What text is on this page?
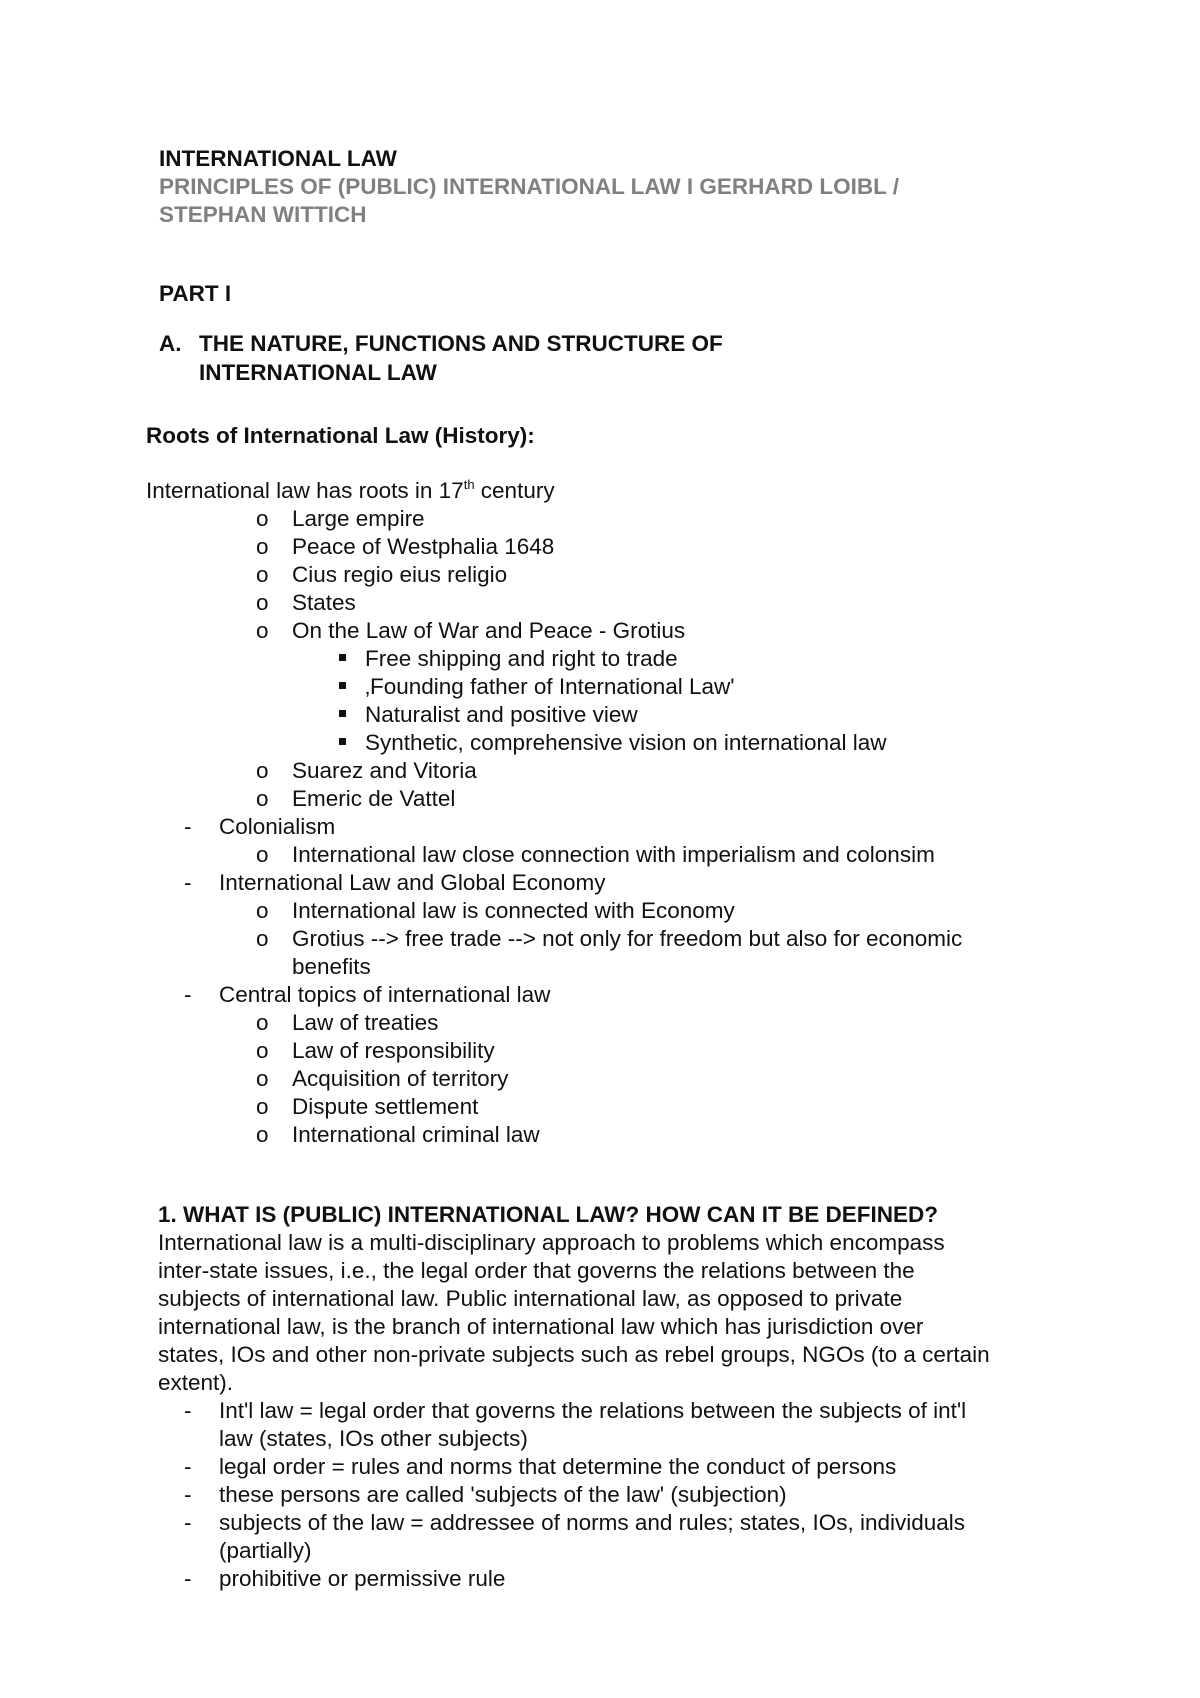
INTERNATIONAL LAW
PRINCIPLES OF (PUBLIC) INTERNATIONAL LAW I GERHARD LOIBL /
STEPHAN WITTICH
PART I
A. THE NATURE, FUNCTIONS AND STRUCTURE OF
INTERNATIONAL LAW
Roots of International Law (History):
International law has roots in 17th century
o Large empire
o Peace of Westphalia 1648
o Cius regio eius religio
o States
o On the Law of War and Peace - Grotius
Free shipping and right to trade
‚Founding father of International Law'
Naturalist and positive view
Synthetic, comprehensive vision on international law
o Suarez and Vitoria
o Emeric de Vattel
- Colonialism
o International law close connection with imperialism and colonsim
- International Law and Global Economy
o International law is connected with Economy
o Grotius --> free trade --> not only for freedom but also for economic
benefits
- Central topics of international law
o Law of treaties
o Law of responsibility
o Acquisition of territory
o Dispute settlement
o International criminal law
1. WHAT IS (PUBLIC) INTERNATIONAL LAW? HOW CAN IT BE DEFINED?
International law is a multi-disciplinary approach to problems which encompass
inter-state issues, i.e., the legal order that governs the relations between the
subjects of international law. Public international law, as opposed to private
international law, is the branch of international law which has jurisdiction over
states, IOs and other non-private subjects such as rebel groups, NGOs (to a certain
extent).
- Int'l law = legal order that governs the relations between the subjects of int'l
law (states, IOs other subjects)
- legal order = rules and norms that determine the conduct of persons
- these persons are called 'subjects of the law' (subjection)
- subjects of the law = addressee of norms and rules; states, IOs, individuals
(partially)
- prohibitive or permissive rule
